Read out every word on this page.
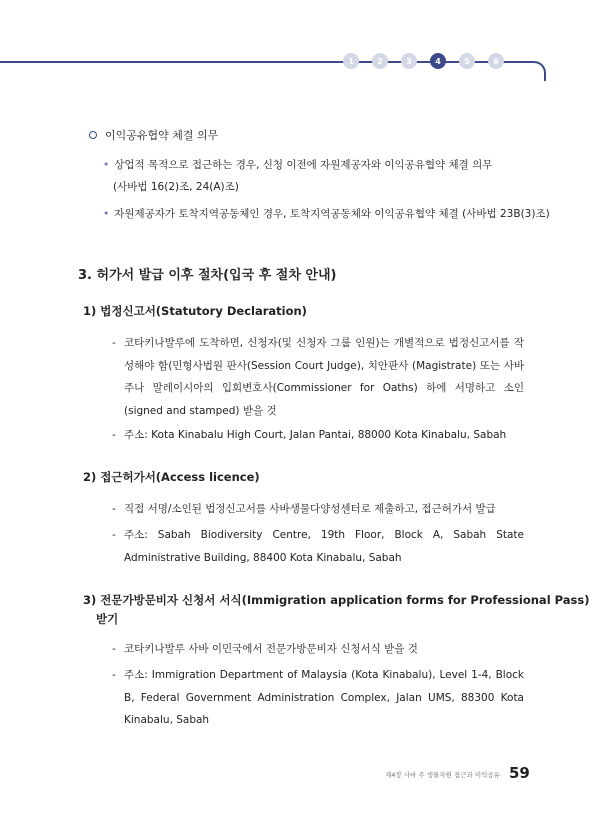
1	2	3	4	5	6
이익공유협약 체결 의무
• 상업적 목적으로 접근하는 경우, 신청 이전에 자원제공자와 이익공유협약 체결 의무
(사바법 16(2)조, 24(A)조)
• 자원제공자가 토착지역공동체인 경우, 토착지역공동체와 이익공유협약 체결 (사바법 23B(3)조)
3. 허가서 발급 이후 절차(입국 후 절차 안내)
1) 법정신고서(Statutory Declaration)
- 코타키나발루에 도착하면, 신청자(및 신청자 그룹 인원)는 개별적으로 법정신고서를 작성해야 함(민형사법원 판사(Session Court Judge), 치안판사 (Magistrate) 또는 사바주나 말레이시아의 입회변호사(Commissioner for Oaths) 하에 서명하고 소인(signed and stamped) 받을 것
- 주소: Kota Kinabalu High Court, Jalan Pantai, 88000 Kota Kinabalu, Sabah
2) 접근허가서(Access licence)
- 직접 서명/소인된 법정신고서를 사바생물다양성센터로 제출하고, 접근허가서 발급
- 주소: Sabah Biodiversity Centre, 19th Floor, Block A, Sabah State Administrative Building, 88400 Kota Kinabalu, Sabah
3) 전문가방문비자 신청서 서식(Immigration application forms for Professional Pass)
받기
- 코타키나발루 사바 이민국에서 전문가방문비자 신청서식 받을 것
- 주소: Immigration Department of Malaysia (Kota Kinabalu), Level 1-4, Block B, Federal Government Administration Complex, Jalan UMS, 88300 Kota Kinabalu, Sabah
제4장 사바 주 생물자원 접근과 이익공유 59
